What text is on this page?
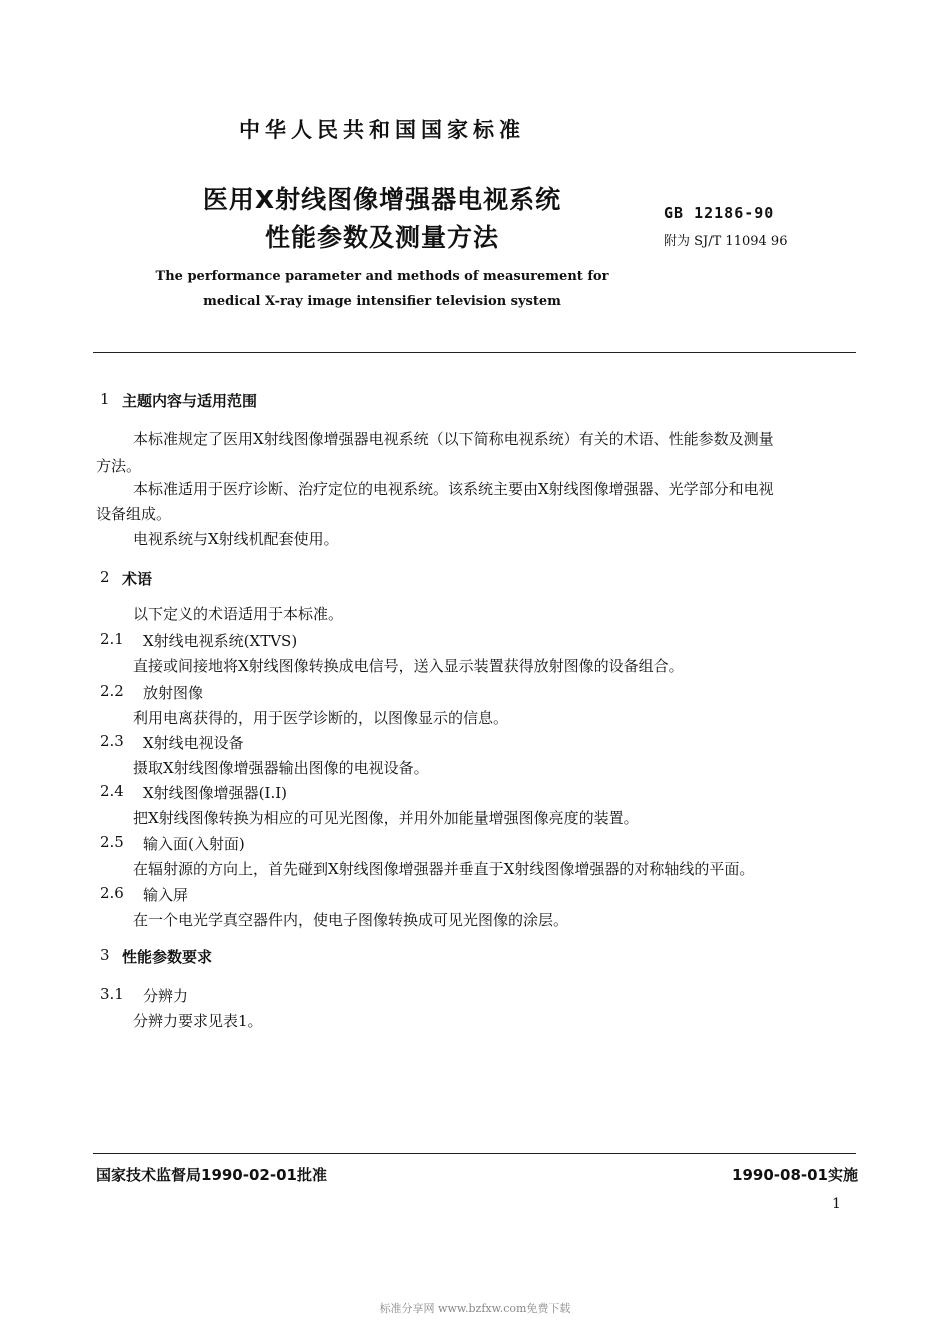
中华人民共和国国家标准
医用X射线图像增强器电视系统
性能参数及测量方法
GB 12186-90
附为 SJ/T 11094 96
The performance parameter and methods of measurement for
medical X-ray image intensifier television system
1 主题内容与适用范围
本标准规定了医用X射线图像增强器电视系统（以下简称电视系统）有关的术语、性能参数及测量
方法。
本标准适用于医疗诊断、治疗定位的电视系统。该系统主要由X射线图像增强器、光学部分和电视
设备组成。
电视系统与X射线机配套使用。
2 术语
以下定义的术语适用于本标准。
2.1 X射线电视系统(XTVS)
直接或间接地将X射线图像转换成电信号，送入显示装置获得放射图像的设备组合。
2.2 放射图像
利用电离获得的，用于医学诊断的，以图像显示的信息。
2.3 X射线电视设备
摄取X射线图像增强器输出图像的电视设备。
2.4 X射线图像增强器(I.I)
把X射线图像转换为相应的可见光图像，并用外加能量增强图像亮度的装置。
2.5 输入面(入射面)
在辐射源的方向上，首先碰到X射线图像增强器并垂直于X射线图像增强器的对称轴线的平面。
2.6 输入屏
在一个电光学真空器件内，使电子图像转换成可见光图像的涂层。
3 性能参数要求
3.1 分辨力
分辨力要求见表1。
国家技术监督局1990-02-01批准	1990-08-01实施
1
标准分享网 www.bzfxw.com免费下载
